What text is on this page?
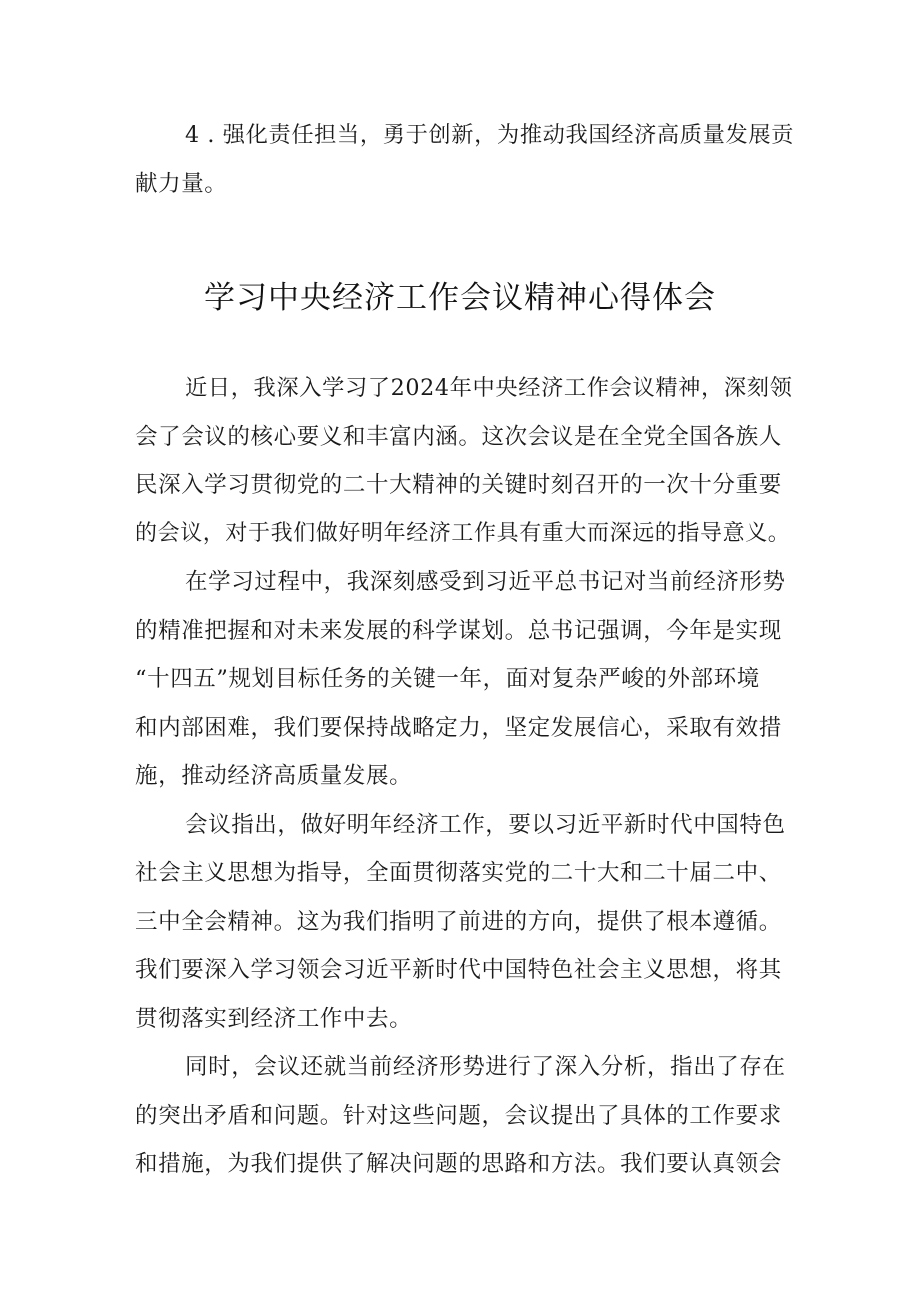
4 . 强化责任担当，勇于创新，为推动我国经济高质量发展贡
献力量。
学习中央经济工作会议精神心得体会
近日，我深入学习了2024年中央经济工作会议精神，深刻领
会了会议的核心要义和丰富内涵。这次会议是在全党全国各族人
民深入学习贯彻党的二十大精神的关键时刻召开的一次十分重要
的会议，对于我们做好明年经济工作具有重大而深远的指导意义。
在学习过程中，我深刻感受到习近平总书记对当前经济形势
的精准把握和对未来发展的科学谋划。总书记强调，今年是实现
“十四五”规划目标任务的关键一年，面对复杂严峻的外部环境
和内部困难，我们要保持战略定力，坚定发展信心，采取有效措
施，推动经济高质量发展。
会议指出，做好明年经济工作，要以习近平新时代中国特色
社会主义思想为指导，全面贯彻落实党的二十大和二十届二中、
三中全会精神。这为我们指明了前进的方向，提供了根本遵循。
我们要深入学习领会习近平新时代中国特色社会主义思想，将其
贯彻落实到经济工作中去。
同时，会议还就当前经济形势进行了深入分析，指出了存在
的突出矛盾和问题。针对这些问题，会议提出了具体的工作要求
和措施，为我们提供了解决问题的思路和方法。我们要认真领会
